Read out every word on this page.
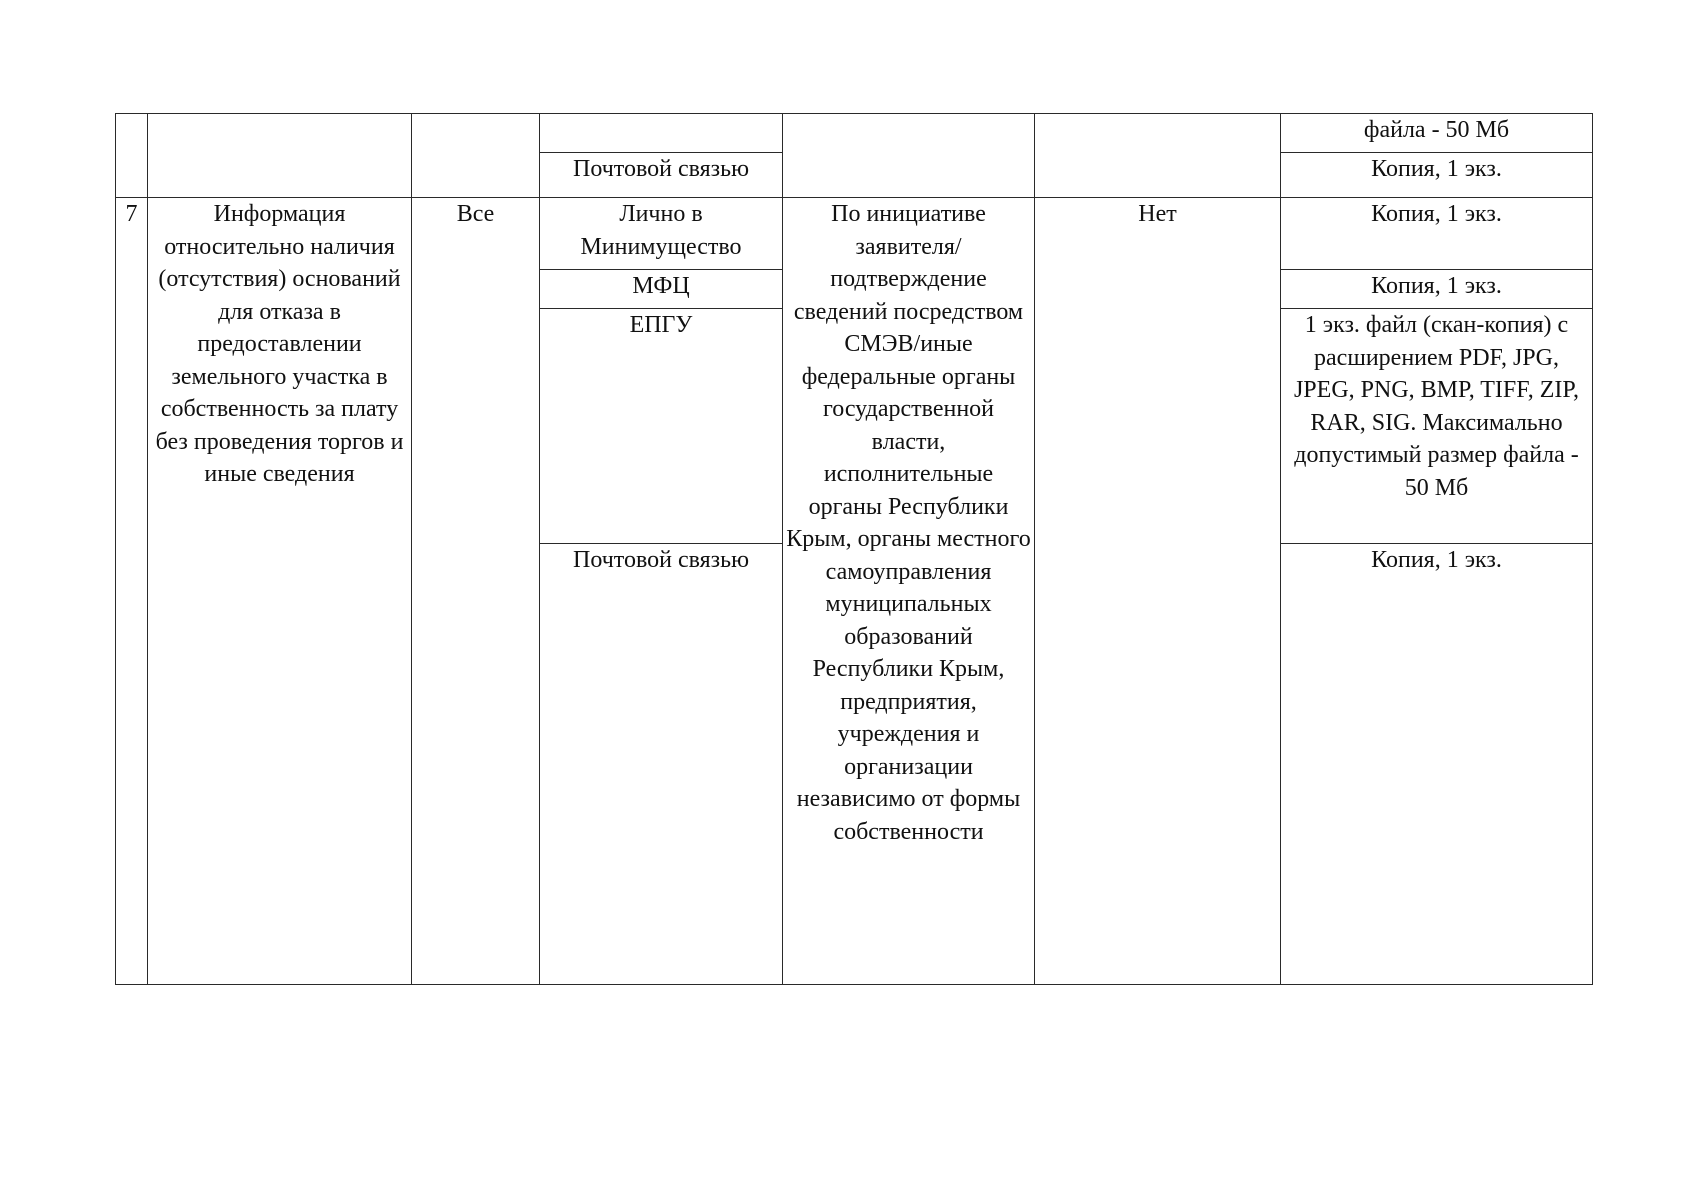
						файла - 50 Мб
			Почтовой связью			Копия, 1 экз.
7	Информация относительно наличия (отсутствия) оснований для отказа в предоставлении земельного участка в собственность за плату без проведения торгов и иные сведения	Все	Лично в Минимущество	По инициативе заявителя/ подтверждение сведений посредством СМЭВ/иные федеральные органы государственной власти, исполнительные органы Республики Крым, органы местного самоуправления муниципальных образований Республики Крым, предприятия, учреждения и организации независимо от формы собственности	Нет	Копия, 1 экз.
			МФЦ			Копия, 1 экз.
			ЕПГУ			1 экз. файл (скан-копия) с расширением PDF, JPG, JPEG, PNG, BMP, TIFF, ZIP, RAR, SIG. Максимально допустимый размер файла - 50 Мб
			Почтовой связью			Копия, 1 экз.
